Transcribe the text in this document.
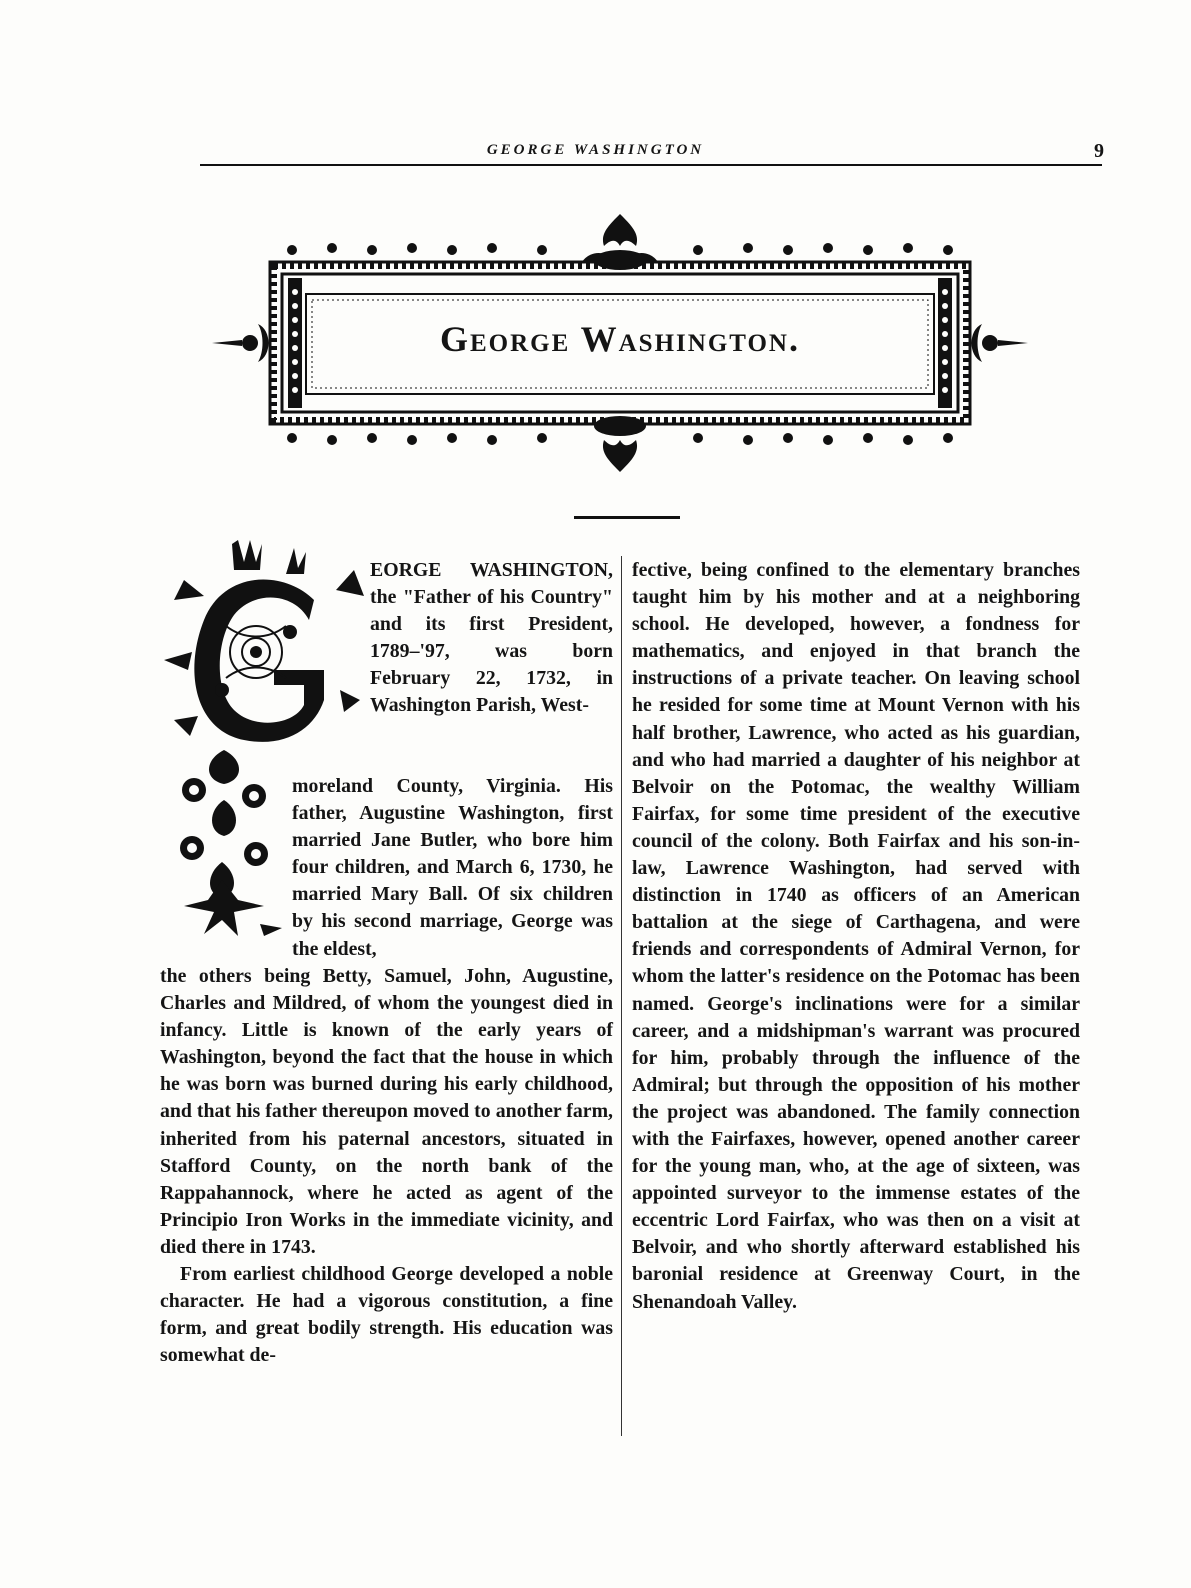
GEORGE WASHINGTON	9
George Washington.
EORGE WASHINGTON, the "Father of his Country" and its first President, 1789–'97, was born February 22, 1732, in Washington Parish, West-
moreland County, Virginia. His father, Augustine Washington, first married Jane Butler, who bore him four children, and March 6, 1730, he married Mary Ball. Of six children by his second marriage, George was the eldest,

the others being Betty, Samuel, John, Augustine, Charles and Mildred, of whom the youngest died in infancy. Little is known of the early years of Washington, beyond the fact that the house in which he was born was burned during his early childhood, and that his father thereupon moved to another farm, inherited from his paternal ancestors, situated in Stafford County, on the north bank of the Rappahannock, where he acted as agent of the Principio Iron Works in the immediate vicinity, and died there in 1743.

From earliest childhood George developed a noble character. He had a vigorous constitution, a fine form, and great bodily strength. His education was somewhat de-

fective, being confined to the elementary branches taught him by his mother and at a neighboring school. He developed, however, a fondness for mathematics, and enjoyed in that branch the instructions of a private teacher. On leaving school he resided for some time at Mount Vernon with his half brother, Lawrence, who acted as his guardian, and who had married a daughter of his neighbor at Belvoir on the Potomac, the wealthy William Fairfax, for some time president of the executive council of the colony. Both Fairfax and his son-in-law, Lawrence Washington, had served with distinction in 1740 as officers of an American battalion at the siege of Carthagena, and were friends and correspondents of Admiral Vernon, for whom the latter's residence on the Potomac has been named. George's inclinations were for a similar career, and a midshipman's warrant was procured for him, probably through the influence of the Admiral; but through the opposition of his mother the project was abandoned. The family connection with the Fairfaxes, however, opened another career for the young man, who, at the age of sixteen, was appointed surveyor to the immense estates of the eccentric Lord Fairfax, who was then on a visit at Belvoir, and who shortly afterward established his baronial residence at Greenway Court, in the Shenandoah Valley.
